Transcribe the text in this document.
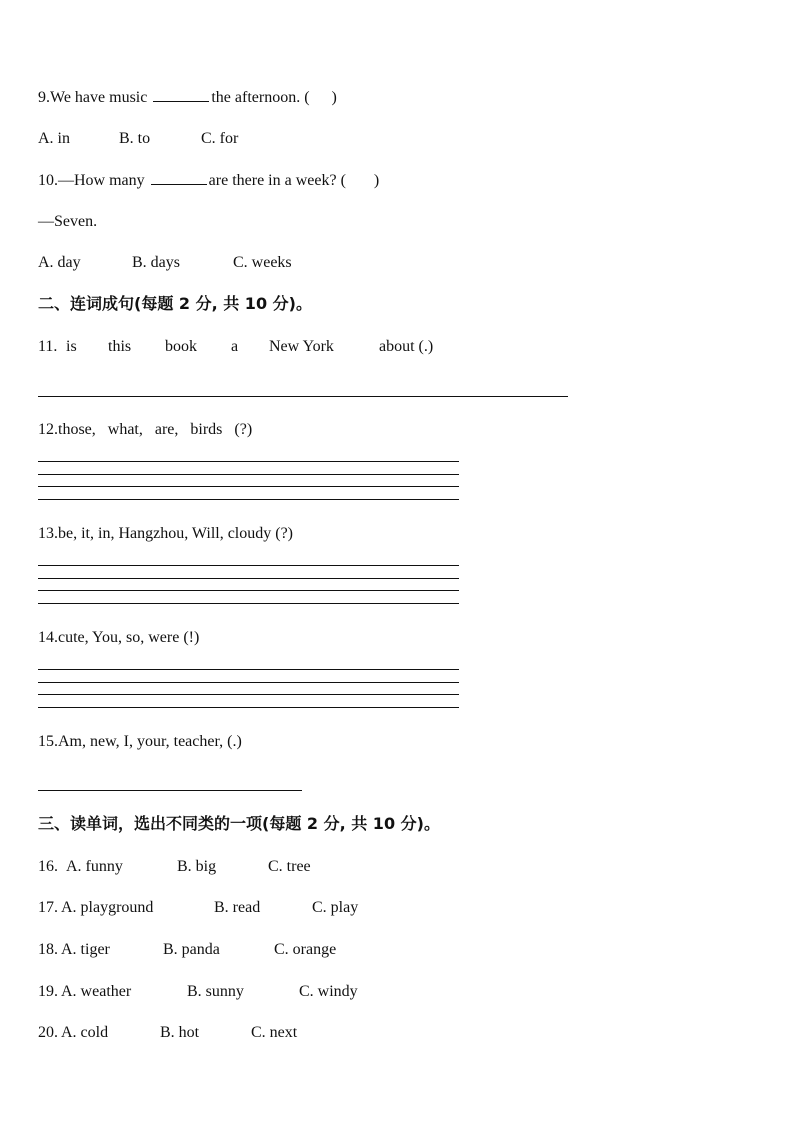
9.We have music	the afternoon. ( )
A. in	B. to	C. for
10.—How many	are there in a week? ( )
—Seven.
A. day	B. days	C. weeks
二、连词成句(每题 2 分, 共 10 分)。
11. is this book a New York	about (.)
12.those,   what,   are,   birds   (?)
13.be, it, in, Hangzhou, Will, cloudy (?)
14.cute, You, so, were (!)
15.Am, new, I, your, teacher, (.)
三、读单词，选出不同类的一项(每题 2 分, 共 10 分)。
16. A. funny	B. big	C. tree
17. A. playground	B. read	C. play
18. A. tiger	B. panda	C. orange
19. A. weather	B. sunny	C. windy
20. A. cold	B. hot	C. next
